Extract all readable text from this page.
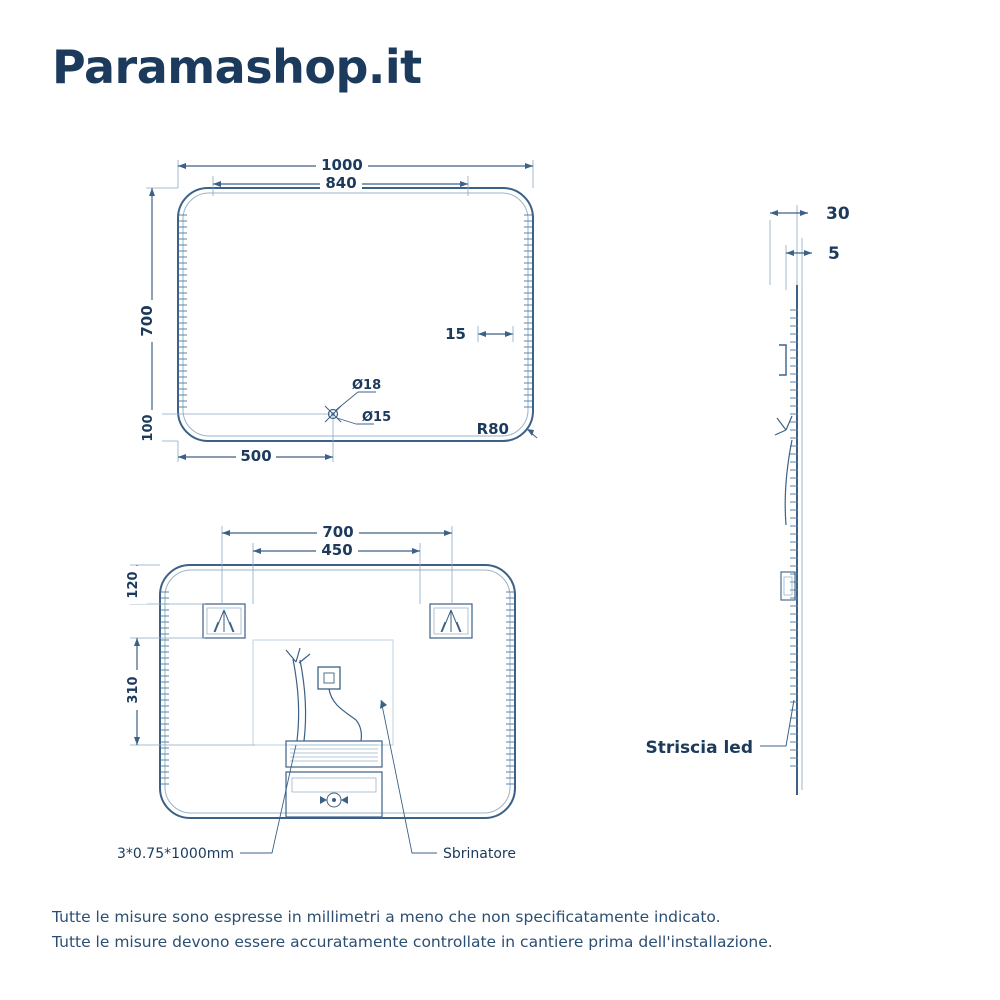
Paramashop.it
1000
840
700
100
500
15
R80
Ø18
Ø15
700
450
120
310
3*0.75*1000mm	Sbrinatore
30
5
Striscia led
Tutte le misure sono espresse in millimetri a meno che non specificatamente indicato.
Tutte le misure devono essere accuratamente controllate in cantiere prima dell'installazione.
